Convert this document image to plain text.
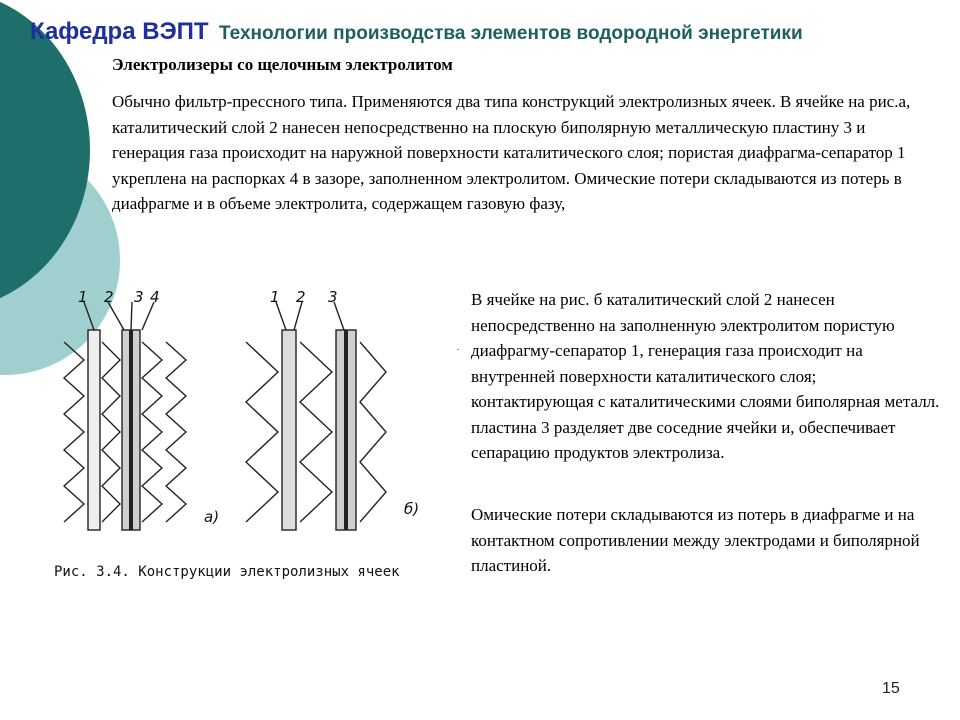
Кафедра ВЭПТ Технологии производства элементов водородной энергетики
Электролизеры со щелочным электролитом
Обычно фильтр-прессного типа. Применяются два типа конструкций электролизных ячеек. В ячейке на рис.а, каталитический слой 2 нанесен непосредственно на плоскую биполярную металлическую пластину 3 и генерация газа происходит на наружной поверхности каталитического слоя; пористая диафрагма-сепаратор 1 укреплена на распорках 4 в зазоре, заполненном электролитом. Омические потери складываются из потерь в диафрагме и в объеме электролита, содержащем газовую фазу,
1 2 3 4	1 2 3
а)	б)
Рис. 3.4. Конструкции электролизных ячеек
·
В ячейке на рис. б каталитический слой 2 нанесен непосредственно на заполненную электролитом пористую диафрагму-сепаратор 1, генерация газа происходит на внутренней поверхности каталитического слоя; контактирующая с каталитическими слоями биполярная металл. пластина 3 разделяет две соседние ячейки и, обеспечивает сепарацию продуктов электролиза.
Омические потери складываются из потерь в диафрагме и на контактном сопротивлении между электродами и биполярной пластиной.
15
